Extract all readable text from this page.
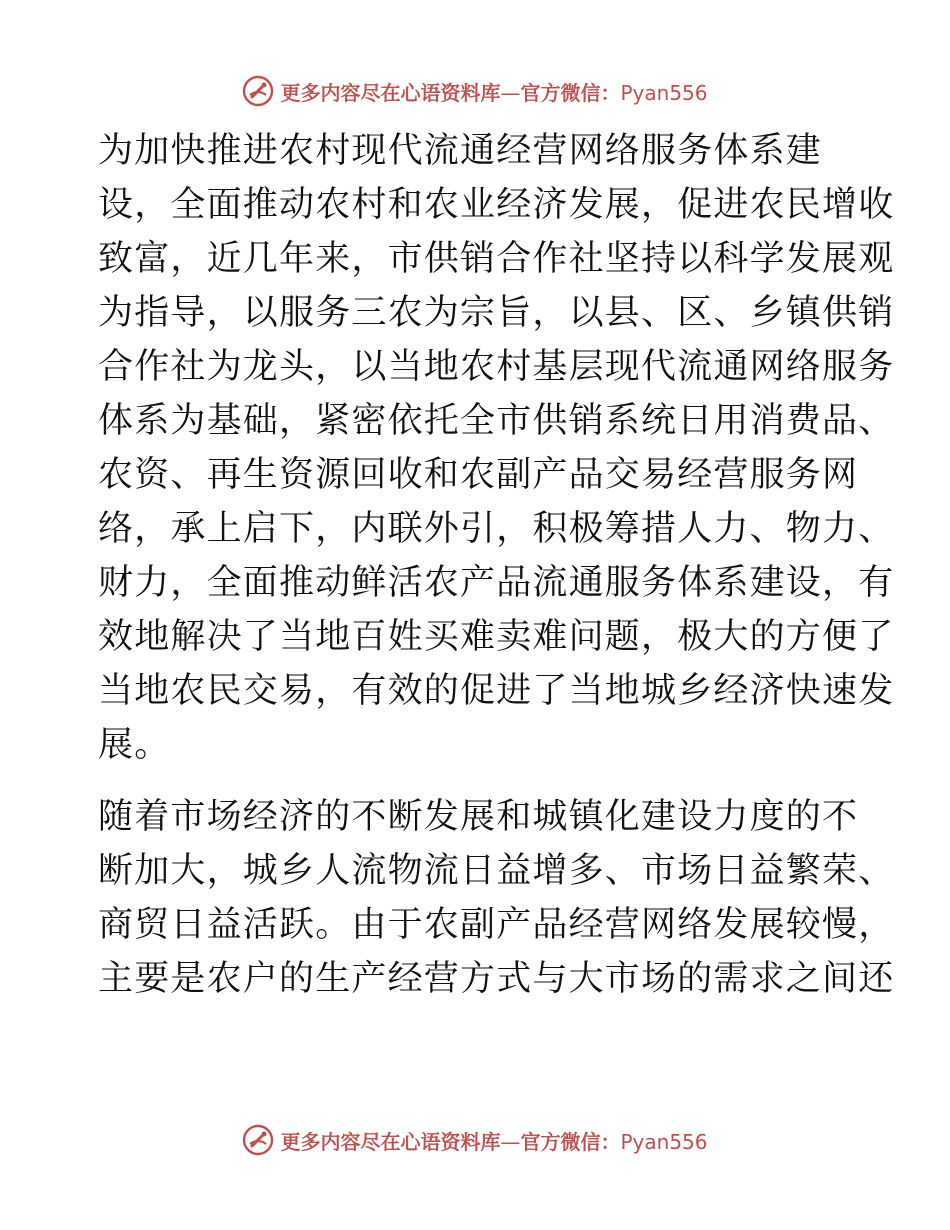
更多内容尽在心语资料库—官方微信：Pyan556
为加快推进农村现代流通经营网络服务体系建
设，全面推动农村和农业经济发展，促进农民增收
致富，近几年来，市供销合作社坚持以科学发展观
为指导，以服务三农为宗旨，以县、区、乡镇供销
合作社为龙头，以当地农村基层现代流通网络服务
体系为基础，紧密依托全市供销系统日用消费品、
农资、再生资源回收和农副产品交易经营服务网
络，承上启下，内联外引，积极筹措人力、物力、
财力，全面推动鲜活农产品流通服务体系建设，有
效地解决了当地百姓买难卖难问题，极大的方便了
当地农民交易，有效的促进了当地城乡经济快速发
展。
随着市场经济的不断发展和城镇化建设力度的不
断加大，城乡人流物流日益增多、市场日益繁荣、
商贸日益活跃。由于农副产品经营网络发展较慢，
主要是农户的生产经营方式与大市场的需求之间还
更多内容尽在心语资料库—官方微信：Pyan556
